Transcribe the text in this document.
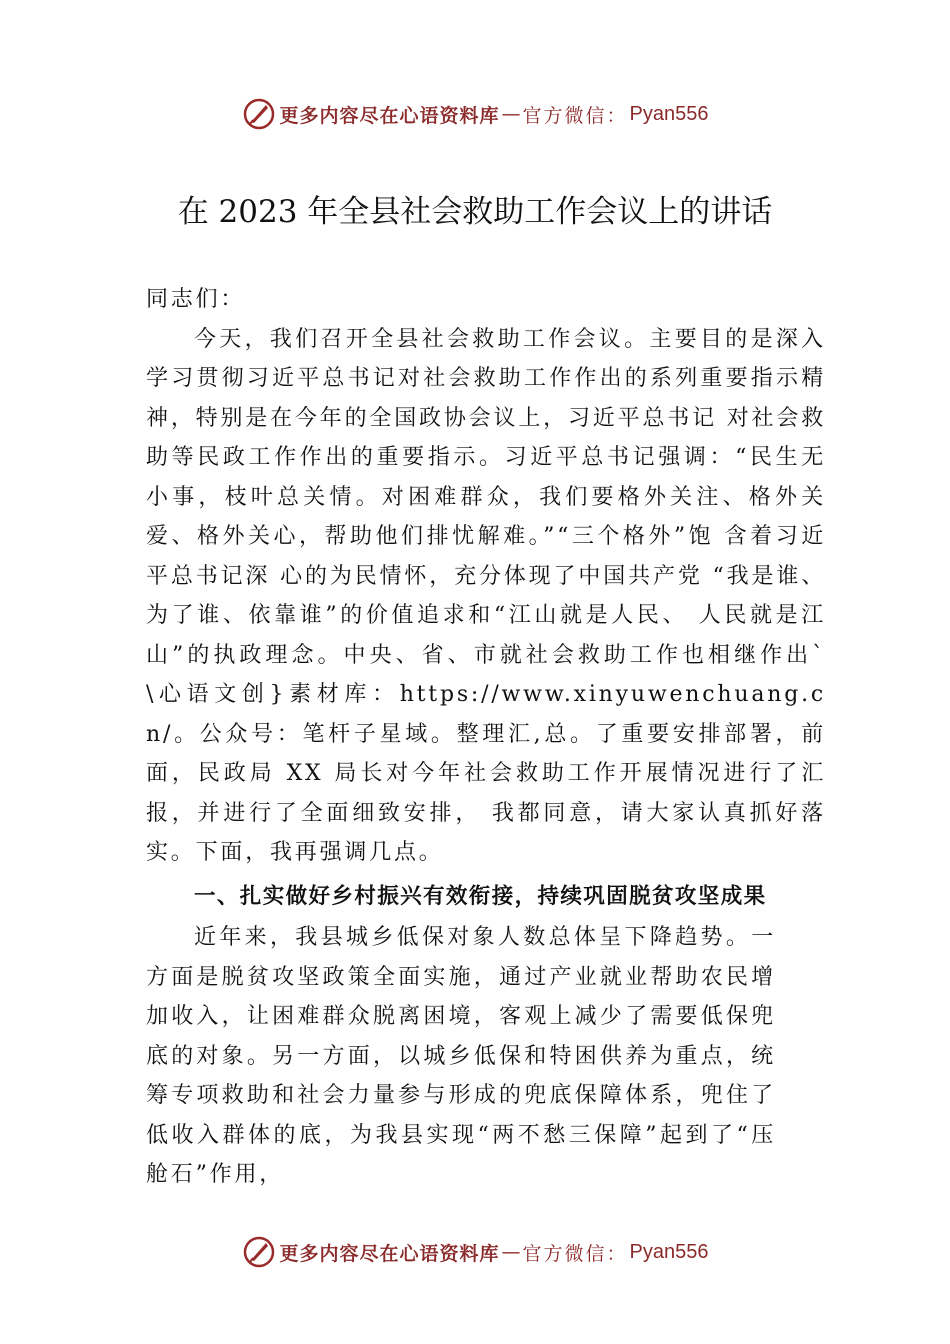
更多内容尽在心语资料库 — 官方微信： Pyan556
在 2023 年全县社会救助工作会议上的讲话

同志们：

今天，我们召开全县社会救助工作会议。主要目的是深入学习贯彻习近平总书记对社会救助工作作出的系列重要指示精神，特别是在今年的全国政协会议上，习近平总书记 对社会救助等民政工作作出的重要指示。习近平总书记强调：“民生无小事，枝叶总关情。对困难群众，我们要格外关注、格外关爱、格外关心，帮助他们排忧解难。”“三个格外”饱 含着习近平总书记深 心的为民情怀，充分体现了中国共产党 “我是谁、为了谁、依靠谁”的价值追求和“江山就是人民、 人民就是江山”的执政理念。中央、省、市就社会救助工作也相继作出`\心语文创}素材库：https://www.xinyuwenchuang.cn/。公众号：笔杆子星域。整理汇,总。了重要安排部署，前面，民政局 XX 局长对今年社会救助工作开展情况进行了汇报，并进行了全面细致安排， 我都同意，请大家认真抓好落实。下面，我再强调几点。

一、扎实做好乡村振兴有效衔接，持续巩固脱贫攻坚成果

近年来，我县城乡低保对象人数总体呈下降趋势。一方面是脱贫攻坚政策全面实施，通过产业就业帮助农民增加收入，让困难群众脱离困境，客观上减少了需要低保兜底的对象。另一方面，以城乡低保和特困供养为重点，统筹专项救助和社会力量参与形成的兜底保障体系，兜住了低收入群体的底，为我县实现“两不愁三保障”起到了“压舱石”作用，

更多内容尽在心语资料库 — 官方微信： Pyan556
